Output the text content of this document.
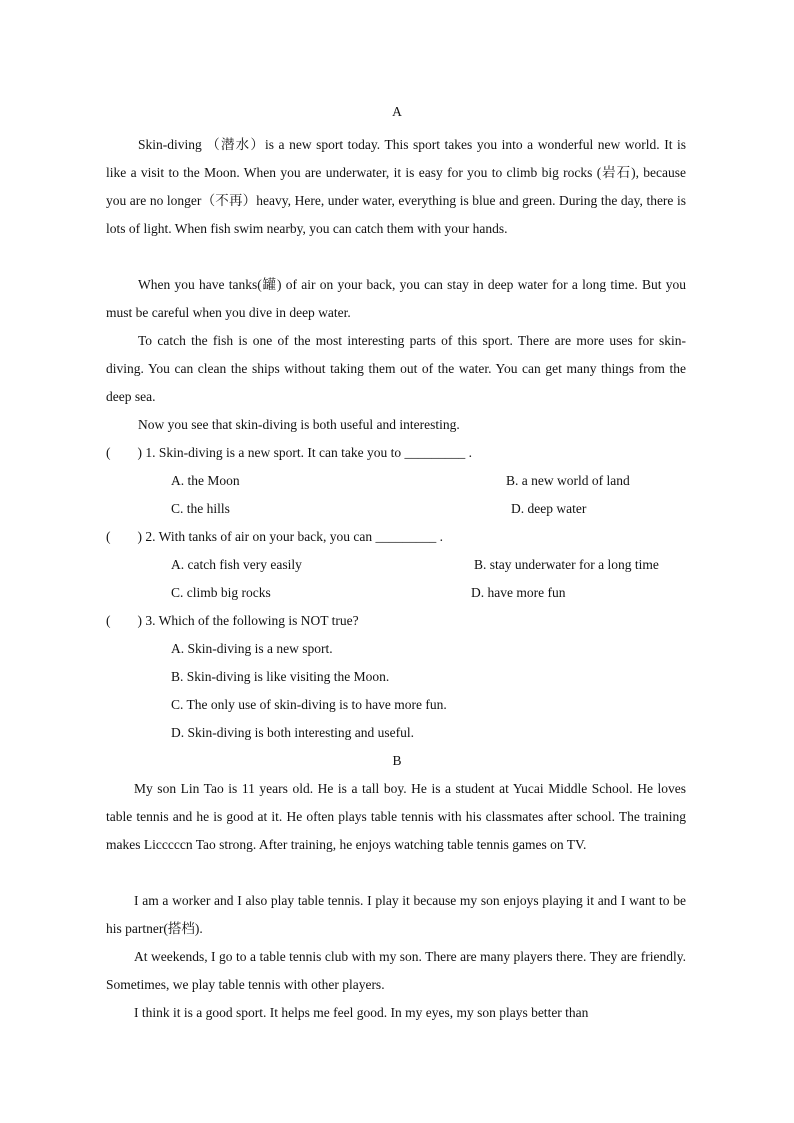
A
Skin-diving （潜水）is a new sport today. This sport takes you into a wonderful new world. It is like a visit to the Moon. When you are underwater, it is easy for you to climb big rocks (岩石), because you are no longer（不再）heavy, Here, under water, everything is blue and green. During the day, there is lots of light. When fish swim nearby, you can catch them with your hands.
When you have tanks(罐) of air on your back, you can stay in deep water for a long time. But you must be careful when you dive in deep water.
To catch the fish is one of the most interesting parts of this sport. There are more uses for skin-diving. You can clean the ships without taking them out of the water. You can get many things from the deep sea.
Now you see that skin-diving is both useful and interesting.
(　　) 1. Skin-diving is a new sport. It can take you to _________ .
A. the Moon	B. a new world of land
C. the hills	D. deep water
(　　) 2. With tanks of air on your back, you can _________ .
A. catch fish very easily	B. stay underwater for a long time
C. climb big rocks	D. have more fun
(　　) 3. Which of the following is NOT true?
A. Skin-diving is a new sport.
B. Skin-diving is like visiting the Moon.
C. The only use of skin-diving is to have more fun.
D. Skin-diving is both interesting and useful.
B
My son Lin Tao is 11 years old. He is a tall boy. He is a student at Yucai Middle School. He loves table tennis and he is good at it. He often plays table tennis with his classmates after school. The training makes Licccccn Tao strong. After training, he enjoys watching table tennis games on TV.
I am a worker and I also play table tennis. I play it because my son enjoys playing it and I want to be his partner(搭档).
At weekends, I go to a table tennis club with my son. There are many players there. They are friendly. Sometimes, we play table tennis with other players.
I think it is a good sport. It helps me feel good. In my eyes, my son plays better than
